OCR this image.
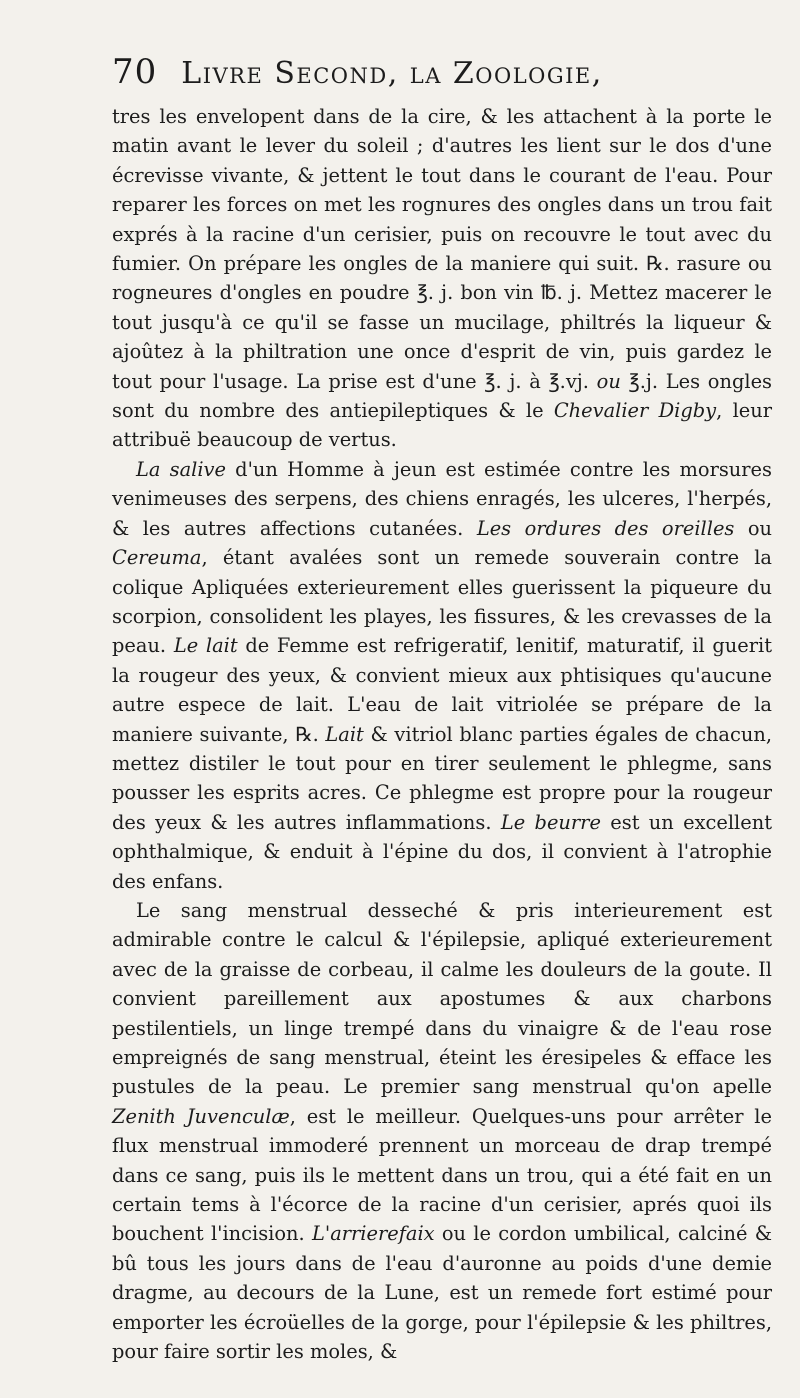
70 Livre Second, la Zoologie,

tres les envelopent dans de la cire, & les attachent à la porte le matin avant le lever du soleil ; d'autres les lient sur le dos d'une écrevisse vivante, & jettent le tout dans le courant de l'eau. Pour reparer les forces on met les rognures des ongles dans un trou fait exprés à la racine d'un cerisier, puis on recouvre le tout avec du fumier. On prépare les ongles de la maniere qui suit. ℞. rasure ou rogneures d'ongles en poudre ℥. j. bon vin ℔. j. Mettez macerer le tout jusqu'à ce qu'il se fasse un mucilage, philtrés la liqueur & ajoûtez à la philtration une once d'esprit de vin, puis gardez le tout pour l'usage. La prise est d'une ℥. j. à ℥.vj. ou ℥.j. Les ongles sont du nombre des antiepileptiques & le Chevalier Digby, leur attribuë beaucoup de vertus.

La salive d'un Homme à jeun est estimée contre les morsures venimeuses des serpens, des chiens enragés, les ulceres, l'herpés, & les autres affections cutanées. Les ordures des oreilles ou Cereuma, étant avalées sont un remede souverain contre la colique Apliquées exterieurement elles guerissent la piqueure du scorpion, consolident les playes, les fissures, & les crevasses de la peau. Le lait de Femme est refrigeratif, lenitif, maturatif, il guerit la rougeur des yeux, & convient mieux aux phtisiques qu'aucune autre espece de lait. L'eau de lait vitriolée se prépare de la maniere suivante, ℞. Lait & vitriol blanc parties égales de chacun, mettez distiler le tout pour en tirer seulement le phlegme, sans pousser les esprits acres. Ce phlegme est propre pour la rougeur des yeux & les autres inflammations. Le beurre est un excellent ophthalmique, & enduit à l'épine du dos, il convient à l'atrophie des enfans.

Le sang menstrual desseché & pris interieurement est admirable contre le calcul & l'épilepsie, apliqué exterieurement avec de la graisse de corbeau, il calme les douleurs de la goute. Il convient pareillement aux apostumes & aux charbons pestilentiels, un linge trempé dans du vinaigre & de l'eau rose empreignés de sang menstrual, éteint les éresipeles & efface les pustules de la peau. Le premier sang menstrual qu'on apelle Zenith Juvenculæ, est le meilleur. Quelques-uns pour arrêter le flux menstrual immoderé prennent un morceau de drap trempé dans ce sang, puis ils le mettent dans un trou, qui a été fait en un certain tems à l'écorce de la racine d'un cerisier, aprés quoi ils bouchent l'incision. L'arrierefaix ou le cordon umbilical, calciné & bû tous les jours dans de l'eau d'auronne au poids d'une demie dragme, au decours de la Lune, est un remede fort estimé pour emporter les écroüelles de la gorge, pour l'épilepsie & les philtres, pour faire sortir les moles, &
